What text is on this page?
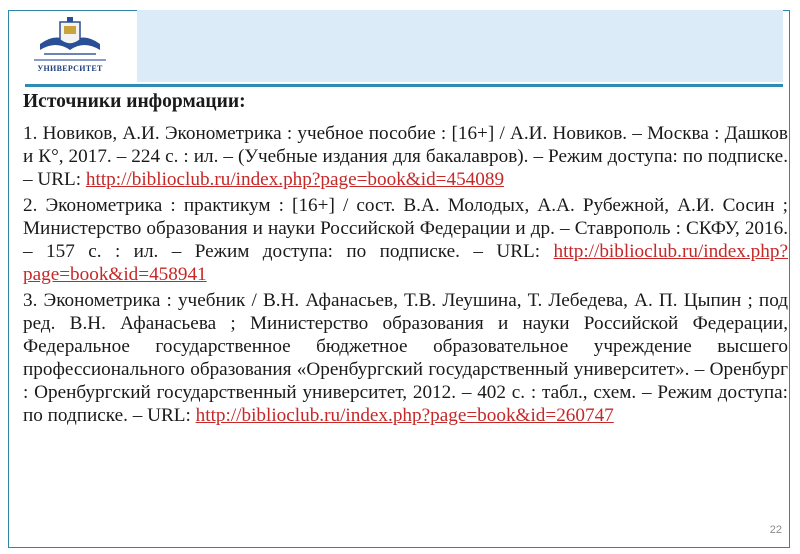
УНИВЕРСИТЕТ
Источники информации:

1. Новиков, А.И. Эконометрика : учебное пособие : [16+] / А.И. Новиков. – Москва : Дашков и К°, 2017. – 224 с. : ил. – (Учебные издания для бакалавров). – Режим доступа: по подписке. – URL: http://biblioclub.ru/index.php?page=book&id=454089

2. Эконометрика : практикум : [16+] / сост. В.А. Молодых, А.А. Рубежной, А.И. Сосин ; Министерство образования и науки Российской Федерации и др. – Ставрополь : СКФУ, 2016. – 157 с. : ил. – Режим доступа: по подписке. – URL: http://biblioclub.ru/index.php?page=book&id=458941

3. Эконометрика : учебник / В.Н. Афанасьев, Т.В. Леушина, Т. Лебедева, А. П. Цыпин ; под ред. В.Н. Афанасьева ; Министерство образования и науки Российской Федерации, Федеральное государственное бюджетное образовательное учреждение высшего профессионального образования «Оренбургский государственный университет». – Оренбург : Оренбургский государственный университет, 2012. – 402 с. : табл., схем. – Режим доступа: по подписке. – URL: http://biblioclub.ru/index.php?page=book&id=260747

22
